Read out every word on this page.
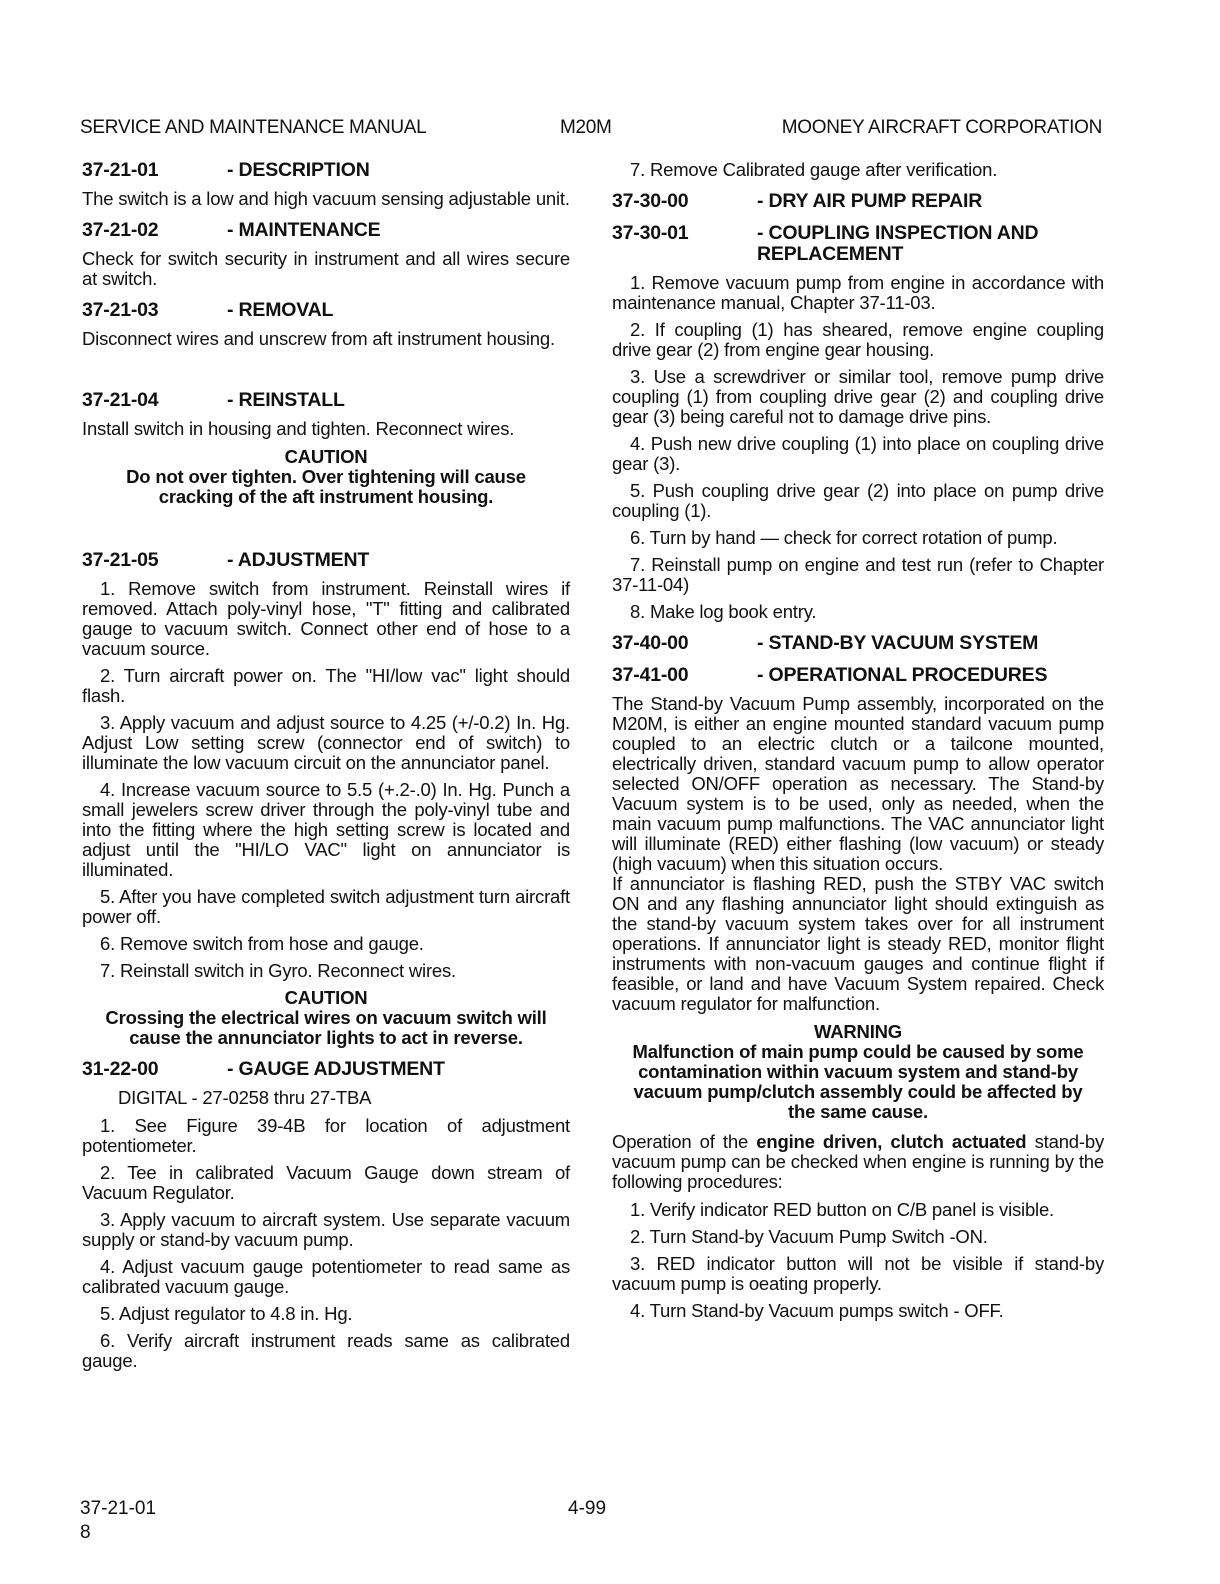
SERVICE AND MAINTENANCE MANUAL	M20M	MOONEY AIRCRAFT CORPORATION
37-21-01	- DESCRIPTION

The switch is a low and high vacuum sensing adjustable unit.

37-21-02	- MAINTENANCE

Check for switch security in instrument and all wires secure at switch.

37-21-03	- REMOVAL

Disconnect wires and unscrew from aft instrument housing.

37-21-04	- REINSTALL

Install switch in housing and tighten. Reconnect wires.

CAUTION

Do not over tighten. Over tightening will cause cracking of the aft instrument housing.

37-21-05	- ADJUSTMENT

1. Remove switch from instrument. Reinstall wires if removed. Attach poly-vinyl hose, "T" fitting and calibrated gauge to vacuum switch. Connect other end of hose to a vacuum source.

2. Turn aircraft power on. The "HI/low vac" light should flash.

3. Apply vacuum and adjust source to 4.25 (+/-0.2) In. Hg. Adjust Low setting screw (connector end of switch) to illuminate the low vacuum circuit on the annunciator panel.

4. Increase vacuum source to 5.5 (+.2-.0) In. Hg. Punch a small jewelers screw driver through the poly-vinyl tube and into the fitting where the high setting screw is located and adjust until the "HI/LO VAC" light on annunciator is illuminated.

5. After you have completed switch adjustment turn aircraft power off.

6. Remove switch from hose and gauge.

7. Reinstall switch in Gyro. Reconnect wires.

CAUTION

Crossing the electrical wires on vacuum switch will cause the annunciator lights to act in reverse.

31-22-00	- GAUGE ADJUSTMENT

DIGITAL - 27-0258 thru 27-TBA

1. See Figure 39-4B for location of adjustment potentiometer.

2. Tee in calibrated Vacuum Gauge down stream of Vacuum Regulator.

3. Apply vacuum to aircraft system. Use separate vacuum supply or stand-by vacuum pump.

4. Adjust vacuum gauge potentiometer to read same as calibrated vacuum gauge.

5. Adjust regulator to 4.8 in. Hg.

6. Verify aircraft instrument reads same as calibrated gauge.

7. Remove Calibrated gauge after verification.

37-30-00	- DRY AIR PUMP REPAIR
37-30-01	- COUPLING INSPECTION AND REPLACEMENT

1. Remove vacuum pump from engine in accordance with maintenance manual, Chapter 37-11-03.

2. If coupling (1) has sheared, remove engine coupling drive gear (2) from engine gear housing.

3. Use a screwdriver or similar tool, remove pump drive coupling (1) from coupling drive gear (2) and coupling drive gear (3) being careful not to damage drive pins.

4. Push new drive coupling (1) into place on coupling drive gear (3).

5. Push coupling drive gear (2) into place on pump drive coupling (1).

6. Turn by hand — check for correct rotation of pump.

7. Reinstall pump on engine and test run (refer to Chapter 37-11-04)

8. Make log book entry.

37-40-00	- STAND-BY VACUUM SYSTEM
37-41-00	- OPERATIONAL PROCEDURES

The Stand-by Vacuum Pump assembly, incorporated on the M20M, is either an engine mounted standard vacuum pump coupled to an electric clutch or a tailcone mounted, electrically driven, standard vacuum pump to allow operator selected ON/OFF operation as necessary. The Stand-by Vacuum system is to be used, only as needed, when the main vacuum pump malfunctions. The VAC annunciator light will illuminate (RED) either flashing (low vacuum) or steady (high vacuum) when this situation occurs.

If annunciator is flashing RED, push the STBY VAC switch ON and any flashing annunciator light should extinguish as the stand-by vacuum system takes over for all instrument operations. If annunciator light is steady RED, monitor flight instruments with non-vacuum gauges and continue flight if feasible, or land and have Vacuum System repaired. Check vacuum regulator for malfunction.

WARNING

Malfunction of main pump could be caused by some contamination within vacuum system and stand-by vacuum pump/clutch assembly could be affected by the same cause.

Operation of the engine driven, clutch actuated stand-by vacuum pump can be checked when engine is running by the following procedures:

1. Verify indicator RED button on C/B panel is visible.

2. Turn Stand-by Vacuum Pump Switch -ON.

3. RED indicator button will not be visible if stand-by vacuum pump is oeating properly.

4. Turn Stand-by Vacuum pumps switch - OFF.

37-21-01
8
4-99
